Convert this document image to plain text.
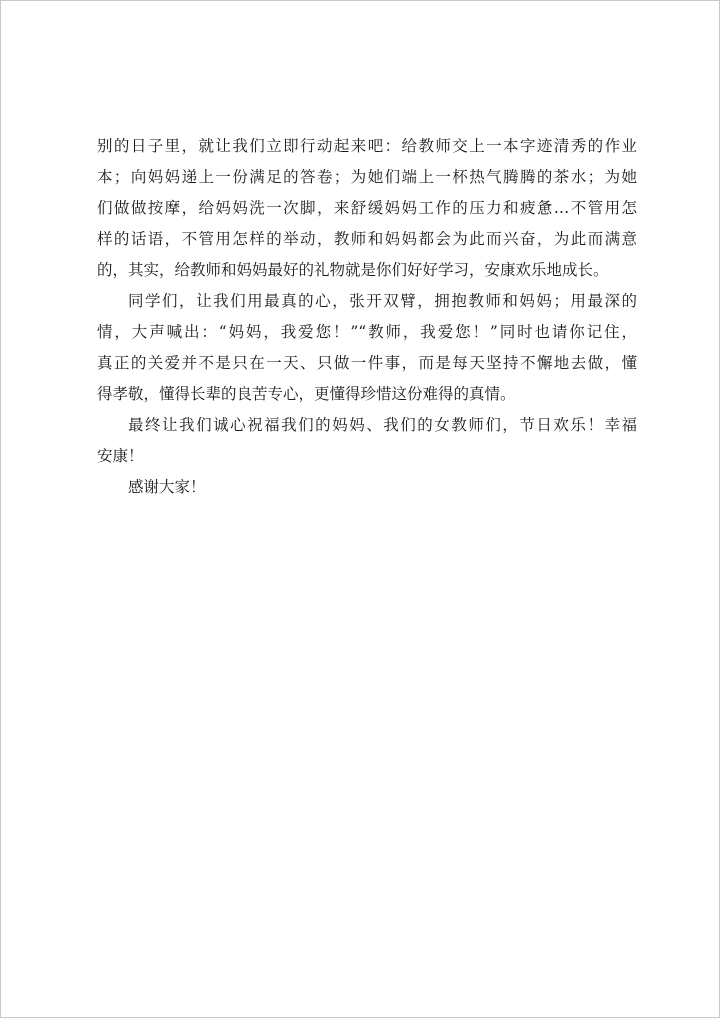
别的日子里，就让我们立即行动起来吧：给教师交上一本字迹清秀的作业
本；向妈妈递上一份满足的答卷；为她们端上一杯热气腾腾的茶水；为她
们做做按摩，给妈妈洗一次脚，来舒缓妈妈工作的压力和疲惫…不管用怎
样的话语，不管用怎样的举动，教师和妈妈都会为此而兴奋，为此而满意
的，其实，给教师和妈妈最好的礼物就是你们好好学习，安康欢乐地成长。

同学们，让我们用最真的心，张开双臂，拥抱教师和妈妈；用最深的
情，大声喊出：“妈妈，我爱您！”“教师，我爱您！”同时也请你记住，
真正的关爱并不是只在一天、只做一件事，而是每天坚持不懈地去做，懂
得孝敬，懂得长辈的良苦专心，更懂得珍惜这份难得的真情。

最终让我们诚心祝福我们的妈妈、我们的女教师们，节日欢乐！幸福
安康！

感谢大家！
